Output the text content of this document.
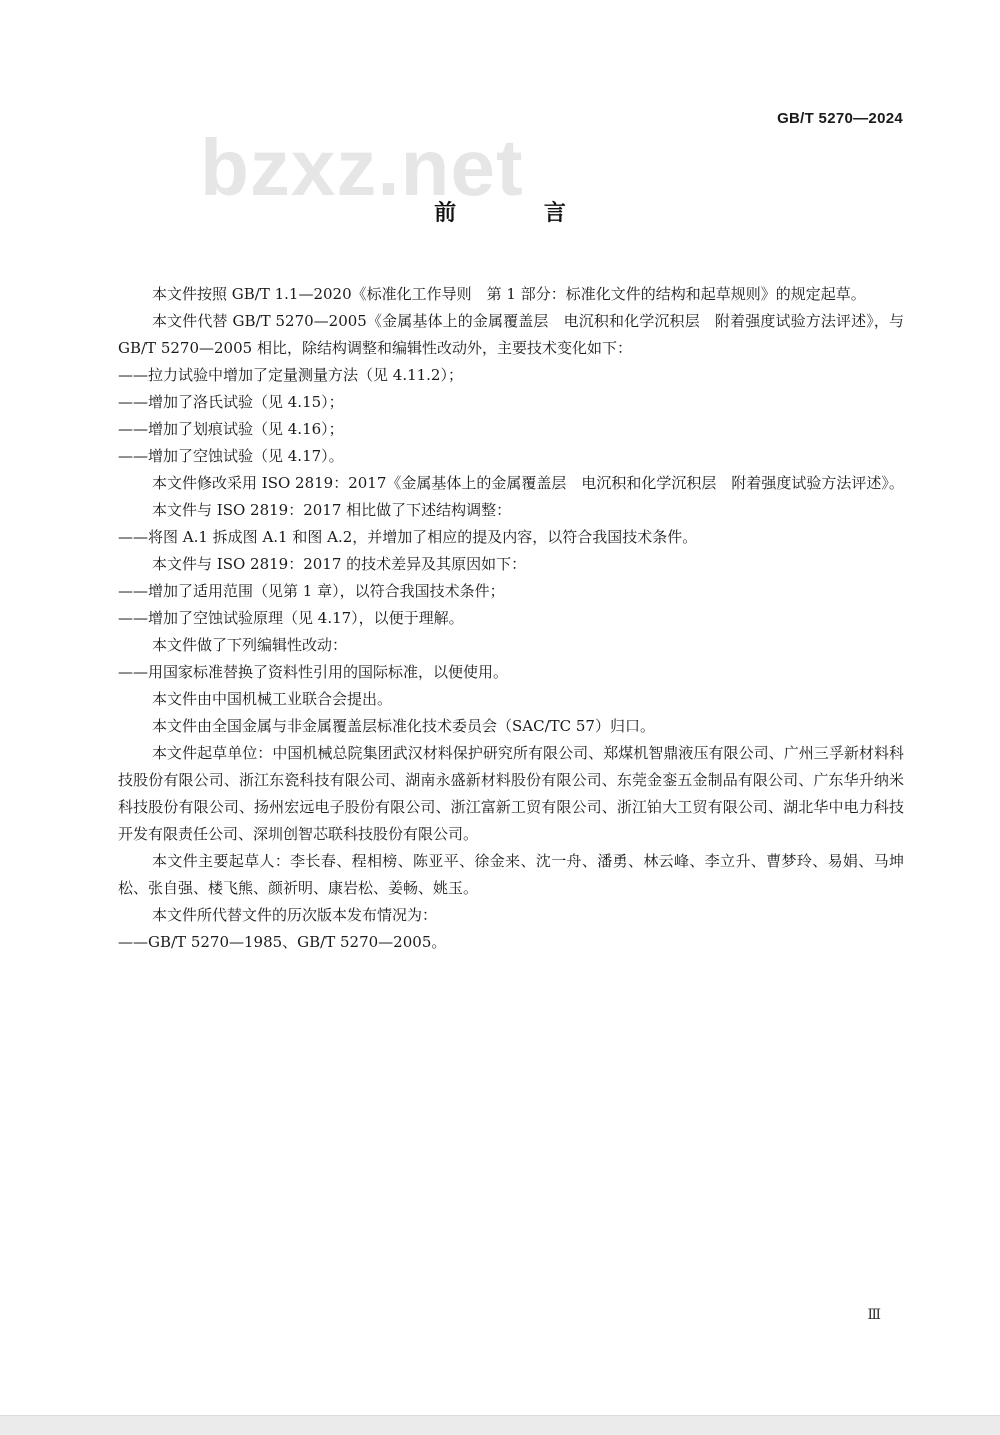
bzxz.net
GB/T 5270—2024
前 言

本文件按照 GB/T 1.1—2020《标准化工作导则　第 1 部分：标准化文件的结构和起草规则》的规定起草。

本文件代替 GB/T 5270—2005《金属基体上的金属覆盖层　电沉积和化学沉积层　附着强度试验方法评述》，与 GB/T 5270—2005 相比，除结构调整和编辑性改动外，主要技术变化如下：

——拉力试验中增加了定量测量方法（见 4.11.2）；

——增加了洛氏试验（见 4.15）；

——增加了划痕试验（见 4.16）；

——增加了空蚀试验（见 4.17）。

本文件修改采用 ISO 2819：2017《金属基体上的金属覆盖层　电沉积和化学沉积层　附着强度试验方法评述》。

本文件与 ISO 2819：2017 相比做了下述结构调整：

——将图 A.1 拆成图 A.1 和图 A.2，并增加了相应的提及内容，以符合我国技术条件。

本文件与 ISO 2819：2017 的技术差异及其原因如下：

——增加了适用范围（见第 1 章），以符合我国技术条件；

——增加了空蚀试验原理（见 4.17），以便于理解。

本文件做了下列编辑性改动：

——用国家标准替换了资料性引用的国际标准，以便使用。

本文件由中国机械工业联合会提出。

本文件由全国金属与非金属覆盖层标准化技术委员会（SAC/TC 57）归口。

本文件起草单位：中国机械总院集团武汉材料保护研究所有限公司、郑煤机智鼎液压有限公司、广州三孚新材料科技股份有限公司、浙江东瓷科技有限公司、湖南永盛新材料股份有限公司、东莞金銮五金制品有限公司、广东华升纳米科技股份有限公司、扬州宏远电子股份有限公司、浙江富新工贸有限公司、浙江铂大工贸有限公司、湖北华中电力科技开发有限责任公司、深圳创智芯联科技股份有限公司。

本文件主要起草人：李长春、程相榜、陈亚平、徐金来、沈一舟、潘勇、林云峰、李立升、曹梦玲、易娟、马坤松、张自强、楼飞熊、颜祈明、康岩松、姜畅、姚玉。

本文件所代替文件的历次版本发布情况为：

——GB/T 5270—1985、GB/T 5270—2005。

Ⅲ
